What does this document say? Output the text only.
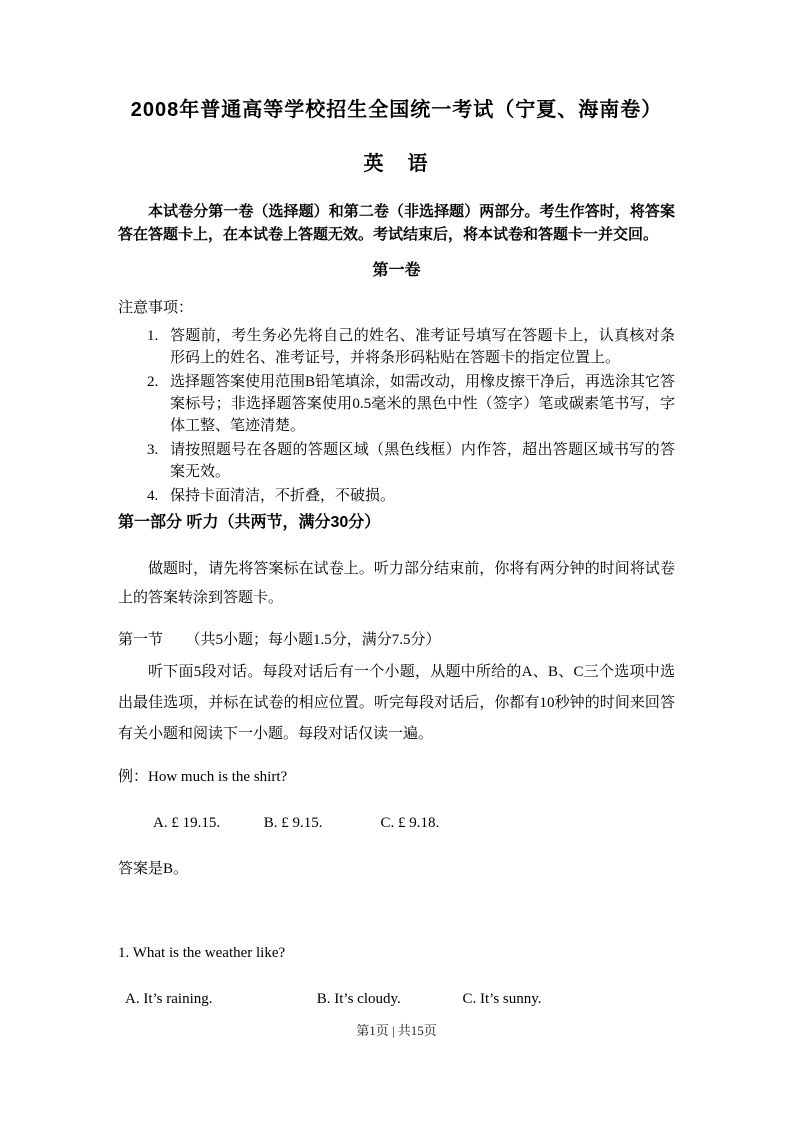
2008年普通高等学校招生全国统一考试（宁夏、海南卷）
英　语

本试卷分第一卷（选择题）和第二卷（非选择题）两部分。考生作答时，将答案答在答题卡上，在本试卷上答题无效。考试结束后，将本试卷和答题卡一并交回。

第一卷

注意事项：

1. 答题前，考生务必先将自己的姓名、准考证号填写在答题卡上，认真核对条形码上的姓名、准考证号，并将条形码粘贴在答题卡的指定位置上。
2. 选择题答案使用范围B铅笔填涂，如需改动，用橡皮擦干净后，再选涂其它答案标号；非选择题答案使用0.5毫米的黑色中性（签字）笔或碳素笔书写，字体工整、笔迹清楚。
3. 请按照题号在各题的答题区域（黑色线框）内作答，超出答题区域书写的答案无效。
4. 保持卡面清洁，不折叠，不破损。
第一部分 听力（共两节，满分30分）

做题时，请先将答案标在试卷上。听力部分结束前，你将有两分钟的时间将试卷上的答案转涂到答题卡。

第一节　　（共5小题；每小题1.5分，满分7.5分）

听下面5段对话。每段对话后有一个小题，从题中所给的A、B、C三个选项中选出最佳选项，并标在试卷的相应位置。听完每段对话后，你都有10秒钟的时间来回答有关小题和阅读下一小题。每段对话仅读一遍。

例：How much is the shirt?

A. £ 19.15.	B. £ 9.15.	C. £ 9.18.

答案是B。

1. What is the weather like?

A. It’s raining.	B. It’s cloudy.	C. It’s sunny.
第1页 | 共15页
